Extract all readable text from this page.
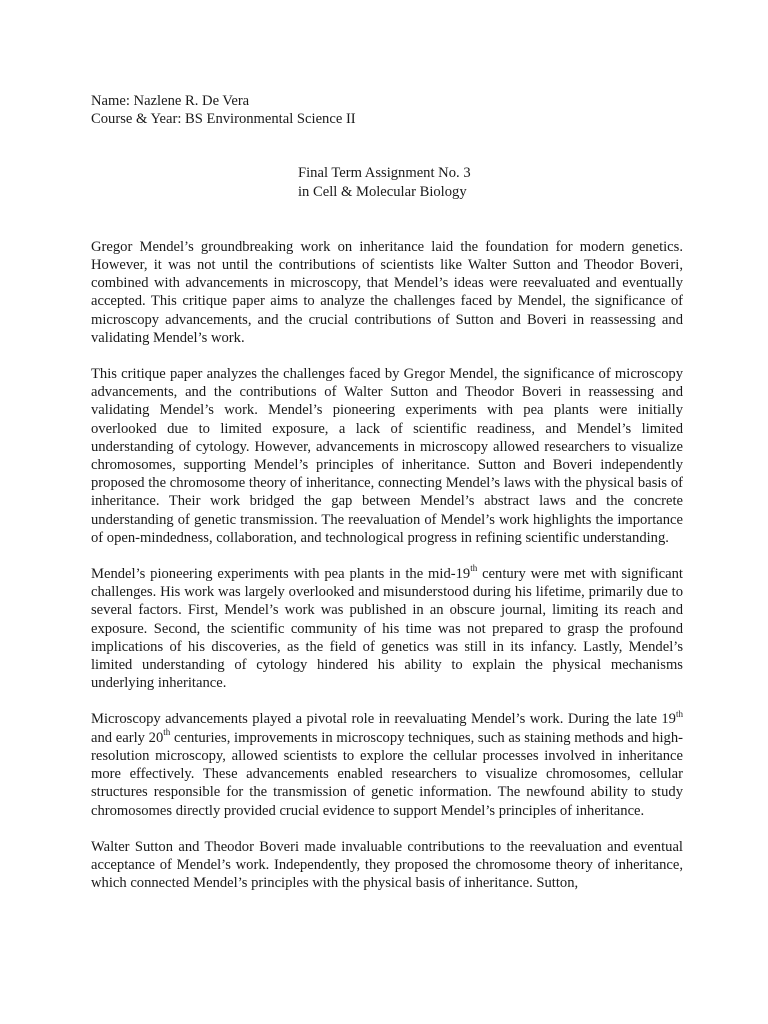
Name: Nazlene R. De Vera

Course & Year: BS Environmental Science II

Final Term Assignment No. 3

in Cell & Molecular Biology

Gregor Mendel’s groundbreaking work on inheritance laid the foundation for modern genetics. However, it was not until the contributions of scientists like Walter Sutton and Theodor Boveri, combined with advancements in microscopy, that Mendel’s ideas were reevaluated and eventually accepted. This critique paper aims to analyze the challenges faced by Mendel, the significance of microscopy advancements, and the crucial contributions of Sutton and Boveri in reassessing and validating Mendel’s work.

This critique paper analyzes the challenges faced by Gregor Mendel, the significance of microscopy advancements, and the contributions of Walter Sutton and Theodor Boveri in reassessing and validating Mendel’s work. Mendel’s pioneering experiments with pea plants were initially overlooked due to limited exposure, a lack of scientific readiness, and Mendel’s limited understanding of cytology. However, advancements in microscopy allowed researchers to visualize chromosomes, supporting Mendel’s principles of inheritance. Sutton and Boveri independently proposed the chromosome theory of inheritance, connecting Mendel’s laws with the physical basis of inheritance. Their work bridged the gap between Mendel’s abstract laws and the concrete understanding of genetic transmission. The reevaluation of Mendel’s work highlights the importance of open-mindedness, collaboration, and technological progress in refining scientific understanding.

Mendel’s pioneering experiments with pea plants in the mid-19th century were met with significant challenges. His work was largely overlooked and misunderstood during his lifetime, primarily due to several factors. First, Mendel’s work was published in an obscure journal, limiting its reach and exposure. Second, the scientific community of his time was not prepared to grasp the profound implications of his discoveries, as the field of genetics was still in its infancy. Lastly, Mendel’s limited understanding of cytology hindered his ability to explain the physical mechanisms underlying inheritance.

Microscopy advancements played a pivotal role in reevaluating Mendel’s work. During the late 19th and early 20th centuries, improvements in microscopy techniques, such as staining methods and high-resolution microscopy, allowed scientists to explore the cellular processes involved in inheritance more effectively. These advancements enabled researchers to visualize chromosomes, cellular structures responsible for the transmission of genetic information. The newfound ability to study chromosomes directly provided crucial evidence to support Mendel’s principles of inheritance.

Walter Sutton and Theodor Boveri made invaluable contributions to the reevaluation and eventual acceptance of Mendel’s work. Independently, they proposed the chromosome theory of inheritance, which connected Mendel’s principles with the physical basis of inheritance. Sutton,
